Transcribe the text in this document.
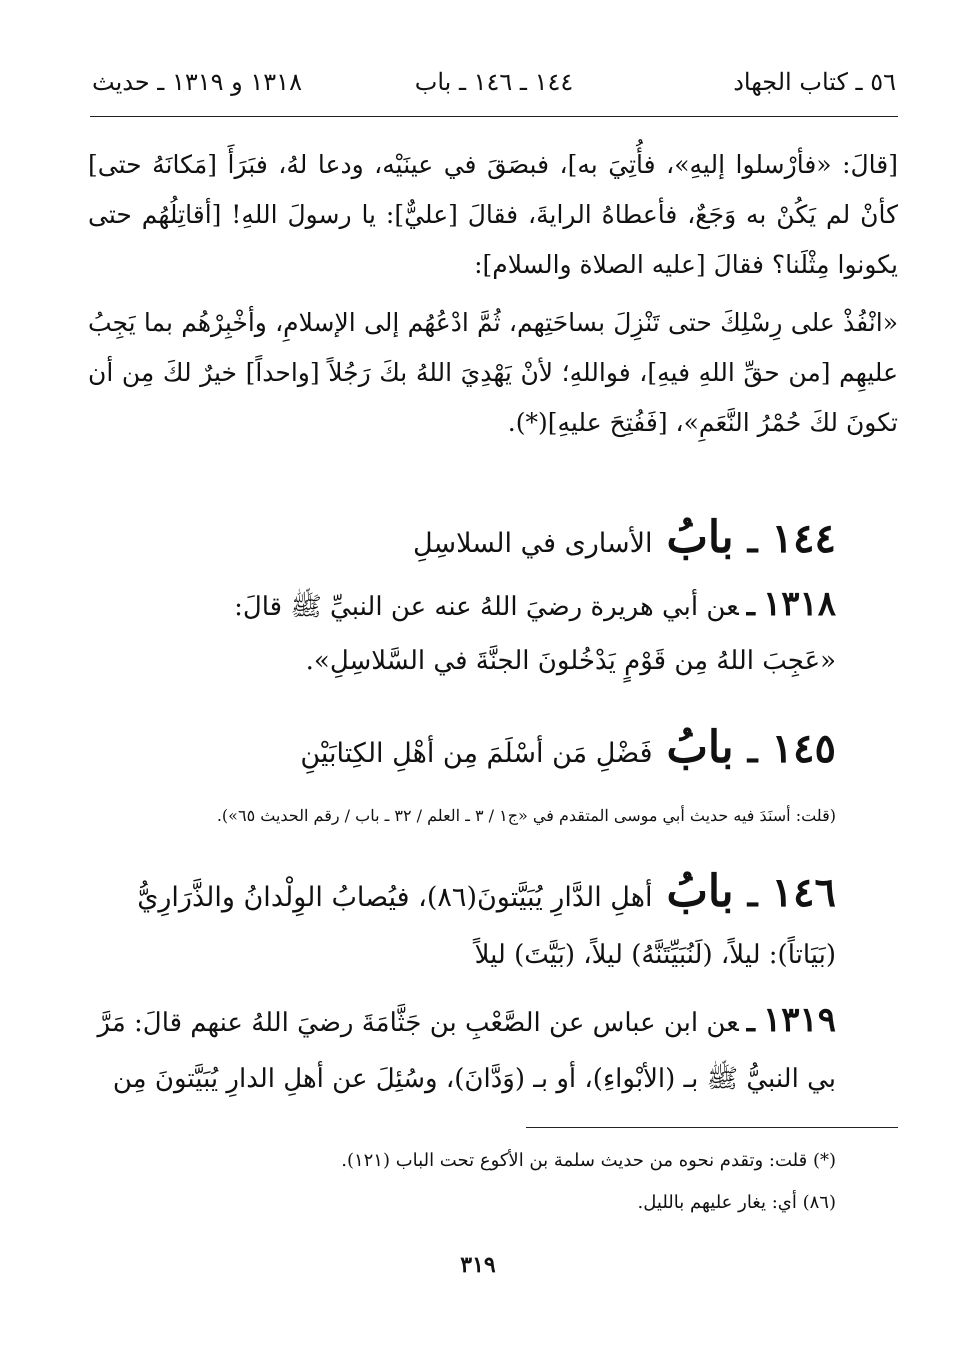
٥٦ ـ كتاب الجهاد
١٤٤ ـ ١٤٦ ـ باب
١٣١٨ و ١٣١٩ ـ حديث

[قالَ: «فأرْسلوا إليهِ»، فأُتِيَ به]، فبصَقَ في عينَيْه، ودعا لهُ، فبَرَأَ [مَكانَهُ حتى] كأنْ لم يَكُنْ به وَجَعٌ، فأعطاهُ الرايةَ، فقالَ [عليٌّ]: يا رسولَ اللهِ! [أقاتِلُهُم حتى يكونوا مِثْلَنا؟ فقالَ [عليه الصلاة والسلام]:

«انْفُذْ على رِسْلِكَ حتى تَنْزِلَ بساحَتِهم، ثُمَّ ادْعُهُم إلى الإسلامِ، وأخْبِرْهُم بما يَجِبُ عليهِم [من حقِّ اللهِ فيهِ]، فواللهِ؛ لأنْ يَهْدِيَ اللهُ بكَ رَجُلاً [واحداً] خيرٌ لكَ مِن أن تكونَ لكَ حُمْرُ النَّعَمِ»، [فَفُتِحَ عليهِ](*).

١٤٤
ـ
بابُ
الأسارى في السلاسِلِ
١٣١٨ـعن أبي هريرة رضيَ اللهُ عنه عن النبيِّ ﷺ قالَ:
«عَجِبَ اللهُ مِن قَوْمٍ يَدْخُلونَ الجنَّةَ في السَّلاسِلِ».
١٤٥
ـ
بابُ
فَضْلِ مَن أسْلَمَ مِن أهْلِ الكِتابَيْنِ
(قلت: أسنَدَ فيه حديث أبي موسى المتقدم في «ج١ / ٣ ـ العلم / ٣٢ ـ باب / رقم الحديث ٦٥»).
١٤٦
ـ
بابُ
أهلِ الدَّارِ يُبَيَّتونَ(٨٦)، فيُصابُ الوِلْدانُ والذَّرَارِيُّ
(بَيَاتاً): ليلاً، (لَنُبَيِّتَنَّهُ) ليلاً، (بَيَّتَ) ليلاً
١٣١٩ـعن ابن عباس عن الصَّعْبِ بن جَثَّامَةَ رضيَ اللهُ عنهم قالَ: مَرَّ
بي النبيُّ ﷺ بـ (الأبْواءِ)، أو بـ (وَدَّانَ)، وسُئِلَ عن أهلِ الدارِ يُبَيَّتونَ مِن
(*) قلت: وتقدم نحوه من حديث سلمة بن الأكوع تحت الباب (١٢١).
(٨٦) أي: يغار عليهم بالليل.
٣١٩
